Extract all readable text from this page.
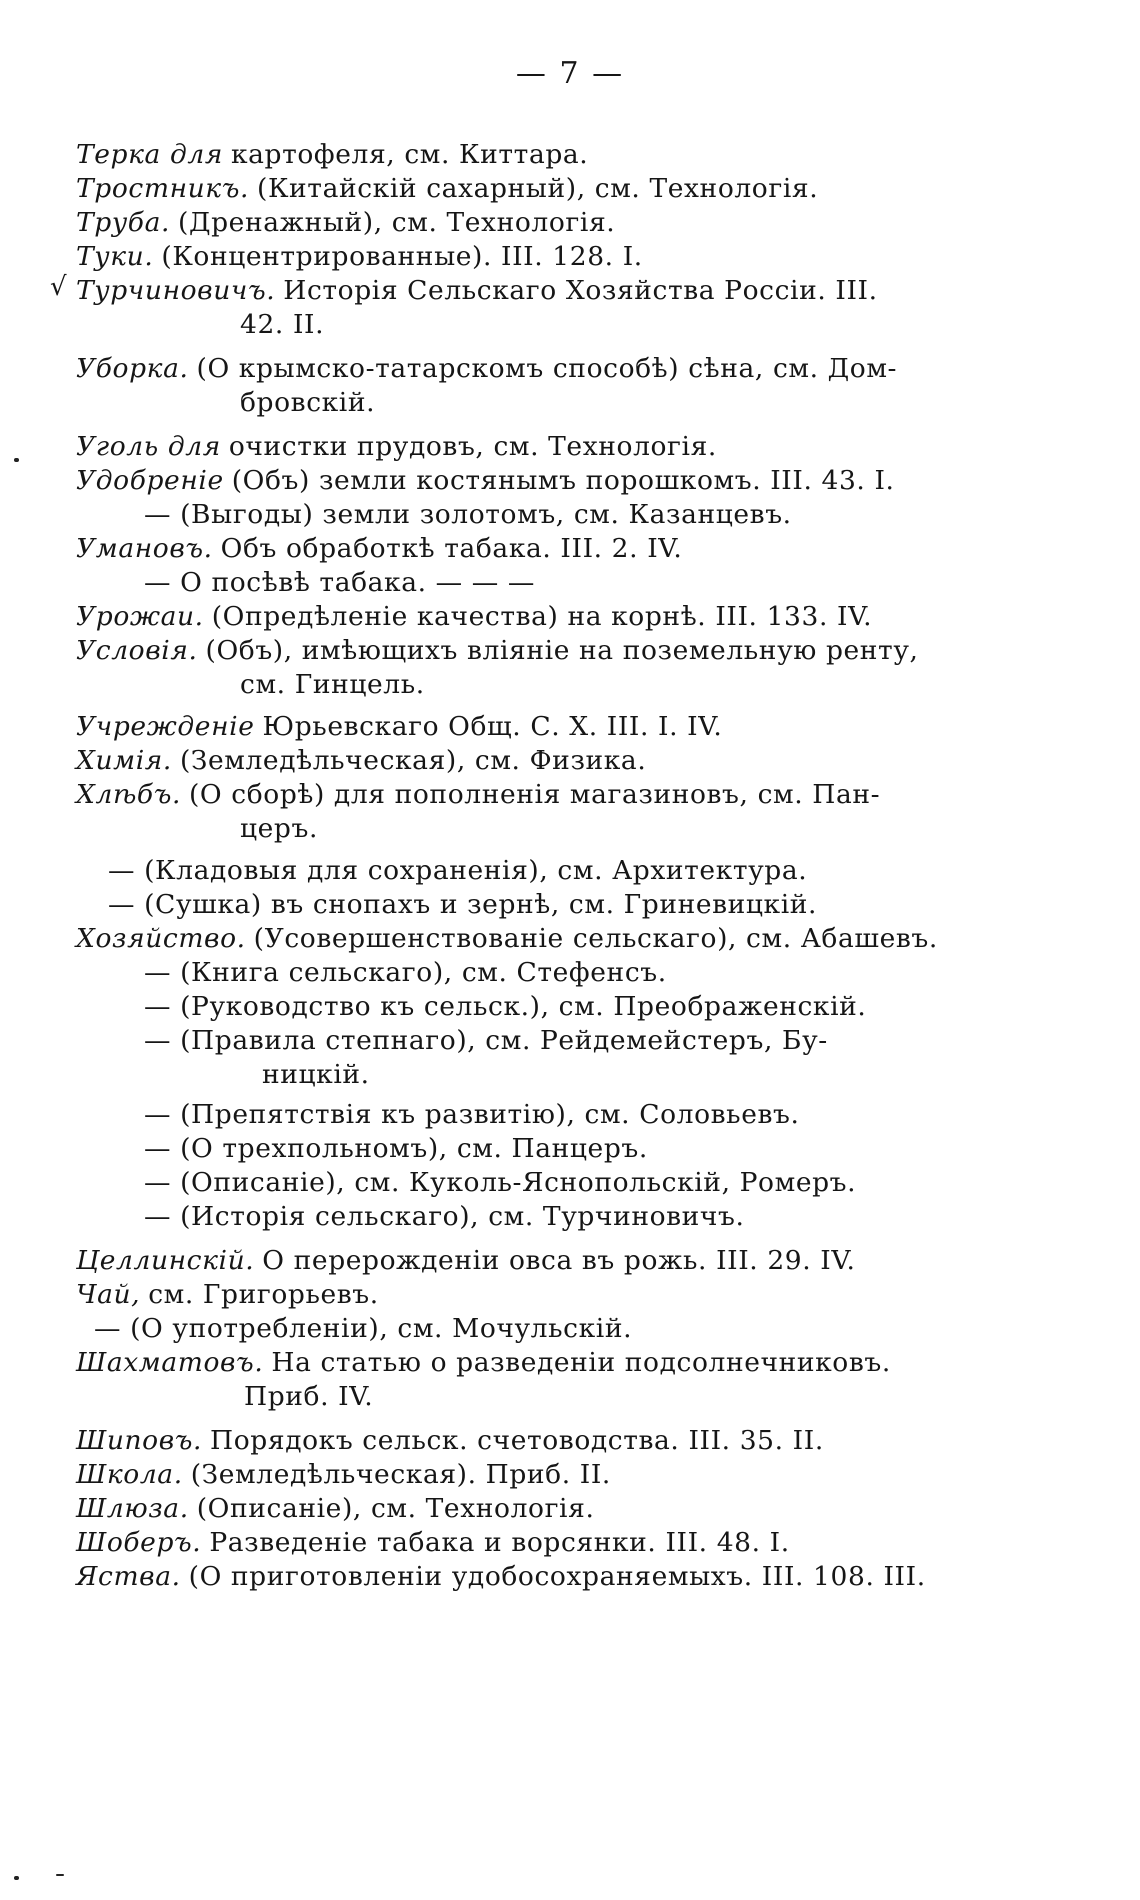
— 7 —
√
Терка для картофеля, см. Киттара.
Тростникъ. (Китайскій сахарный), см. Технологія.
Труба. (Дренажный), см. Технологія.
Туки. (Концентрированные). III. 128. I.
Турчиновичъ. Исторія Сельскаго Хозяйства Россіи. III.
42. II.
Уборка. (О крымско-татарскомъ способѣ) сѣна, см. Дом-
бровскій.
Уголь для очистки прудовъ, см. Технологія.
Удобреніе (Объ) земли костянымъ порошкомъ. III. 43. I.
— (Выгоды) земли золотомъ, см. Казанцевъ.
Умановъ. Объ обработкѣ табака. III. 2. IV.
— О посѣвѣ табака. — — —
Урожаи. (Опредѣленіе качества) на корнѣ. III. 133. IV.
Условія. (Объ), имѣющихъ вліяніе на поземельную ренту,
см. Гинцель.
Учрежденіе Юрьевскаго Общ. С. Х. III. I. IV.
Химія. (Земледѣльческая), см. Физика.
Хлѣбъ. (О сборѣ) для пополненія магазиновъ, см. Пан-
церъ.
— (Кладовыя для сохраненія), см. Архитектура.
— (Сушка) въ снопахъ и зернѣ, см. Гриневицкій.
Хозяйство. (Усовершенствованіе сельскаго), см. Абашевъ.
— (Книга сельскаго), см. Стефенсъ.
— (Руководство къ сельск.), см. Преображенскій.
— (Правила степнаго), см. Рейдемейстеръ, Бу-
ницкій.
— (Препятствія къ развитію), см. Соловьевъ.
— (О трехпольномъ), см. Панцеръ.
— (Описаніе), см. Куколь-Яснопольскій, Ромеръ.
— (Исторія сельскаго), см. Турчиновичъ.
Целлинскій. О перерожденіи овса въ рожь. III. 29. IV.
Чай, см. Григорьевъ.
— (О употребленіи), см. Мочульскій.
Шахматовъ. На статью о разведеніи подсолнечниковъ.
Приб. IV.
Шиповъ. Порядокъ сельск. счетоводства. III. 35. II.
Школа. (Земледѣльческая). Приб. II.
Шлюза. (Описаніе), см. Технологія.
Шоберъ. Разведеніе табака и ворсянки. III. 48. I.
Яства. (О приготовленіи удобосохраняемыхъ. III. 108. III.
